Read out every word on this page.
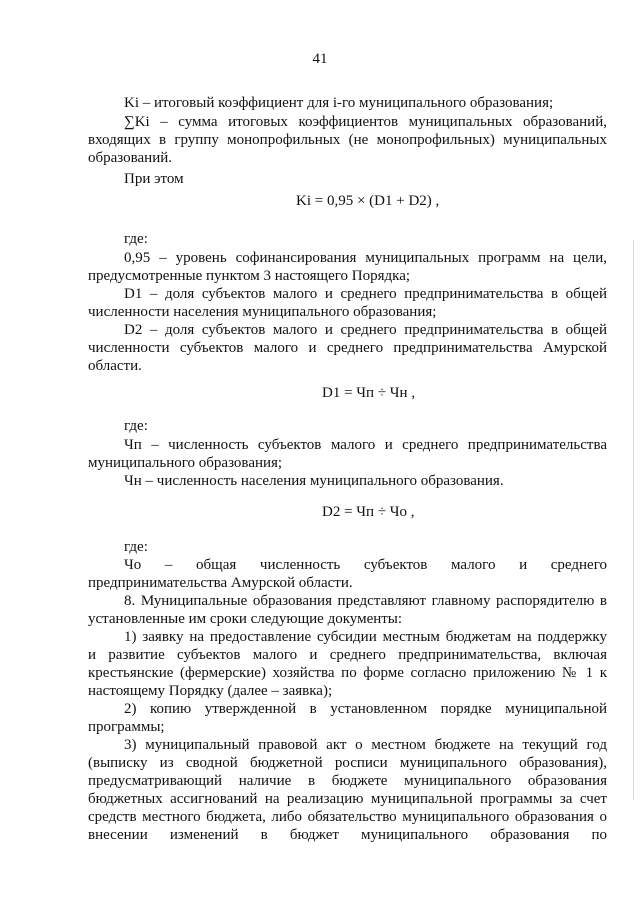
41
Ki – итоговый коэффициент для i-го муниципального образования;
∑Ki – сумма итоговых коэффициентов муниципальных образований,
входящих в группу монопрофильных (не монопрофильных) муниципальных
образований.
При этом
Ki = 0,95 × (D1 + D2) ,
где:
0,95 – уровень софинансирования муниципальных программ на цели,
предусмотренные пунктом 3 настоящего Порядка;
D1 – доля субъектов малого и среднего предпринимательства в общей
численности населения муниципального образования;
D2 – доля субъектов малого и среднего предпринимательства в общей
численности субъектов малого и среднего предпринимательства Амурской
области.
D1 = Чп ÷ Чн ,
где:
Чп – численность субъектов малого и среднего предпринимательства
муниципального образования;
Чн – численность населения муниципального образования.
D2 = Чп ÷ Чо ,
где:
Чо – общая численность субъектов малого и среднего
предпринимательства Амурской области.
8. Муниципальные образования представляют главному распорядителю в
установленные им сроки следующие документы:
1) заявку на предоставление субсидии местным бюджетам на поддержку
и развитие субъектов малого и среднего предпринимательства, включая
крестьянские (фермерские) хозяйства по форме согласно приложению № 1 к
настоящему Порядку (далее – заявка);
2) копию утвержденной в установленном порядке муниципальной
программы;
3) муниципальный правовой акт о местном бюджете на текущий год
(выписку из сводной бюджетной росписи муниципального образования),
предусматривающий наличие в бюджете муниципального образования
бюджетных ассигнований на реализацию муниципальной программы за счет
средств местного бюджета, либо обязательство муниципального образования о
внесении изменений в бюджет муниципального образования по
